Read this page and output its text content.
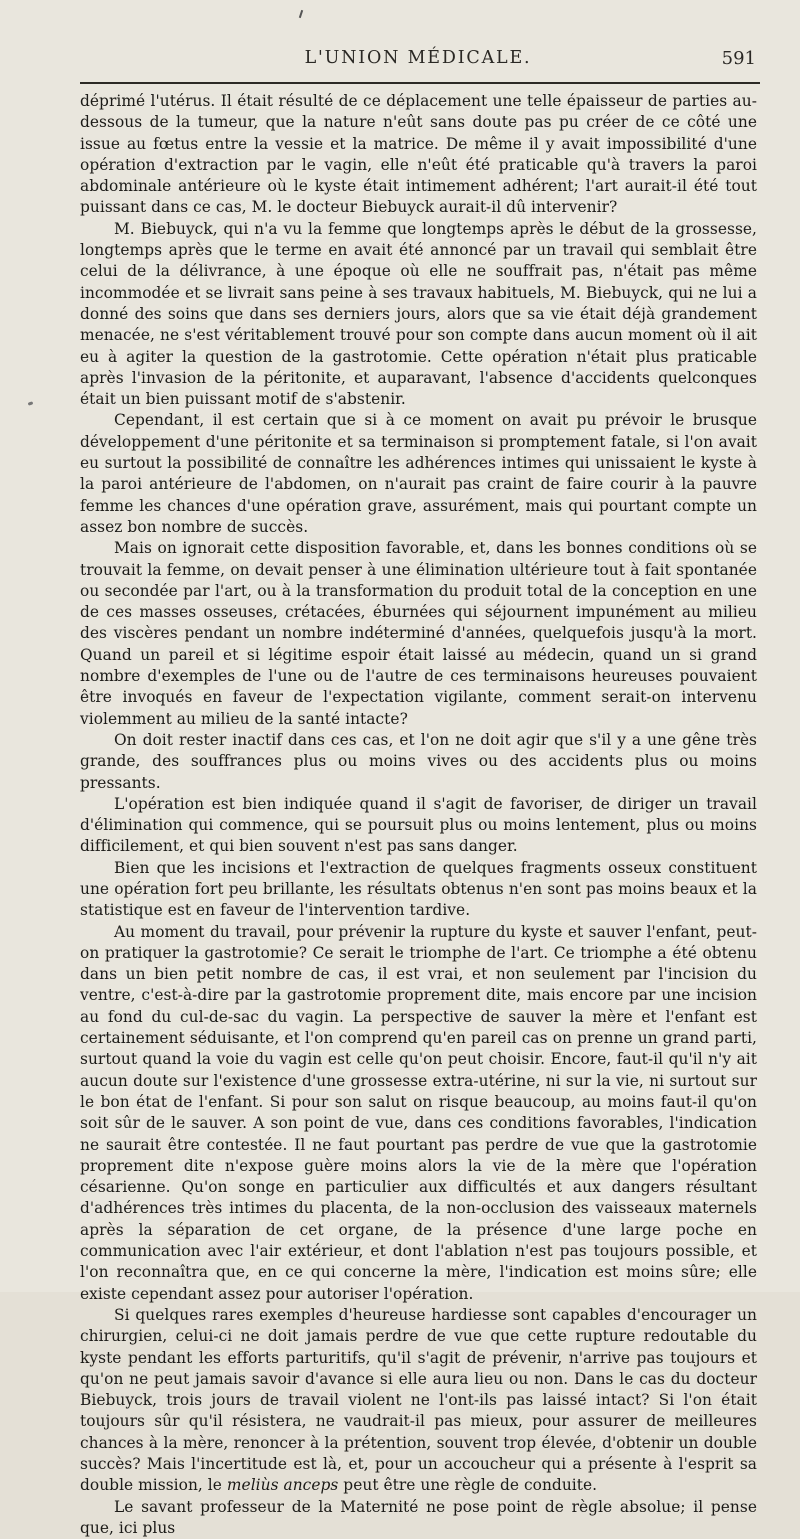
L'UNION MÉDICALE.	591

déprimé l'utérus. Il était résulté de ce déplacement une telle épaisseur de parties au-dessous de la tumeur, que la nature n'eût sans doute pas pu créer de ce côté une issue au fœtus entre la vessie et la matrice. De même il y avait impossibilité d'une opération d'extraction par le vagin, elle n'eût été praticable qu'à travers la paroi abdominale antérieure où le kyste était intimement adhérent; l'art aurait-il été tout puissant dans ce cas, M. le docteur Biebuyck aurait-il dû intervenir?

M. Biebuyck, qui n'a vu la femme que longtemps après le début de la grossesse, longtemps après que le terme en avait été annoncé par un travail qui semblait être celui de la délivrance, à une époque où elle ne souffrait pas, n'était pas même incommodée et se livrait sans peine à ses travaux habituels, M. Biebuyck, qui ne lui a donné des soins que dans ses derniers jours, alors que sa vie était déjà grandement menacée, ne s'est véritablement trouvé pour son compte dans aucun moment où il ait eu à agiter la question de la gastrotomie. Cette opération n'était plus praticable après l'invasion de la péritonite, et auparavant, l'absence d'accidents quelconques était un bien puissant motif de s'abstenir.

Cependant, il est certain que si à ce moment on avait pu prévoir le brusque développement d'une péritonite et sa terminaison si promptement fatale, si l'on avait eu surtout la possibilité de connaître les adhérences intimes qui unissaient le kyste à la paroi antérieure de l'abdomen, on n'aurait pas craint de faire courir à la pauvre femme les chances d'une opération grave, assurément, mais qui pourtant compte un assez bon nombre de succès.

Mais on ignorait cette disposition favorable, et, dans les bonnes conditions où se trouvait la femme, on devait penser à une élimination ultérieure tout à fait spontanée ou secondée par l'art, ou à la transformation du produit total de la conception en une de ces masses osseuses, crétacées, éburnées qui séjournent impunément au milieu des viscères pendant un nombre indéterminé d'années, quelquefois jusqu'à la mort. Quand un pareil et si légitime espoir était laissé au médecin, quand un si grand nombre d'exemples de l'une ou de l'autre de ces terminaisons heureuses pouvaient être invoqués en faveur de l'expectation vigilante, comment serait-on intervenu violemment au milieu de la santé intacte?

On doit rester inactif dans ces cas, et l'on ne doit agir que s'il y a une gêne très grande, des souffrances plus ou moins vives ou des accidents plus ou moins pressants.

L'opération est bien indiquée quand il s'agit de favoriser, de diriger un travail d'élimination qui commence, qui se poursuit plus ou moins lentement, plus ou moins difficilement, et qui bien souvent n'est pas sans danger.

Bien que les incisions et l'extraction de quelques fragments osseux constituent une opération fort peu brillante, les résultats obtenus n'en sont pas moins beaux et la statistique est en faveur de l'intervention tardive.

Au moment du travail, pour prévenir la rupture du kyste et sauver l'enfant, peut-on pratiquer la gastrotomie? Ce serait le triomphe de l'art. Ce triomphe a été obtenu dans un bien petit nombre de cas, il est vrai, et non seulement par l'incision du ventre, c'est-à-dire par la gastrotomie proprement dite, mais encore par une incision au fond du cul-de-sac du vagin. La perspective de sauver la mère et l'enfant est certainement séduisante, et l'on comprend qu'en pareil cas on prenne un grand parti, surtout quand la voie du vagin est celle qu'on peut choisir. Encore, faut-il qu'il n'y ait aucun doute sur l'existence d'une grossesse extra-utérine, ni sur la vie, ni surtout sur le bon état de l'enfant. Si pour son salut on risque beaucoup, au moins faut-il qu'on soit sûr de le sauver. A son point de vue, dans ces conditions favorables, l'indication ne saurait être contestée. Il ne faut pourtant pas perdre de vue que la gastrotomie proprement dite n'expose guère moins alors la vie de la mère que l'opération césarienne. Qu'on songe en particulier aux difficultés et aux dangers résultant d'adhérences très intimes du placenta, de la non-occlusion des vaisseaux maternels après la séparation de cet organe, de la présence d'une large poche en communication avec l'air extérieur, et dont l'ablation n'est pas toujours possible, et l'on reconnaîtra que, en ce qui concerne la mère, l'indication est moins sûre; elle existe cependant assez pour autoriser l'opération.

Si quelques rares exemples d'heureuse hardiesse sont capables d'encourager un chirurgien, celui-ci ne doit jamais perdre de vue que cette rupture redoutable du kyste pendant les efforts parturitifs, qu'il s'agit de prévenir, n'arrive pas toujours et qu'on ne peut jamais savoir d'avance si elle aura lieu ou non. Dans le cas du docteur Biebuyck, trois jours de travail violent ne l'ont-ils pas laissé intact? Si l'on était toujours sûr qu'il résistera, ne vaudrait-il pas mieux, pour assurer de meilleures chances à la mère, renoncer à la prétention, souvent trop élevée, d'obtenir un double succès? Mais l'incertitude est là, et, pour un accoucheur qui a présente à l'esprit sa double mission, le meliùs anceps peut être une règle de conduite.

Le savant professeur de la Maternité ne pose point de règle absolue; il pense que, ici plus
